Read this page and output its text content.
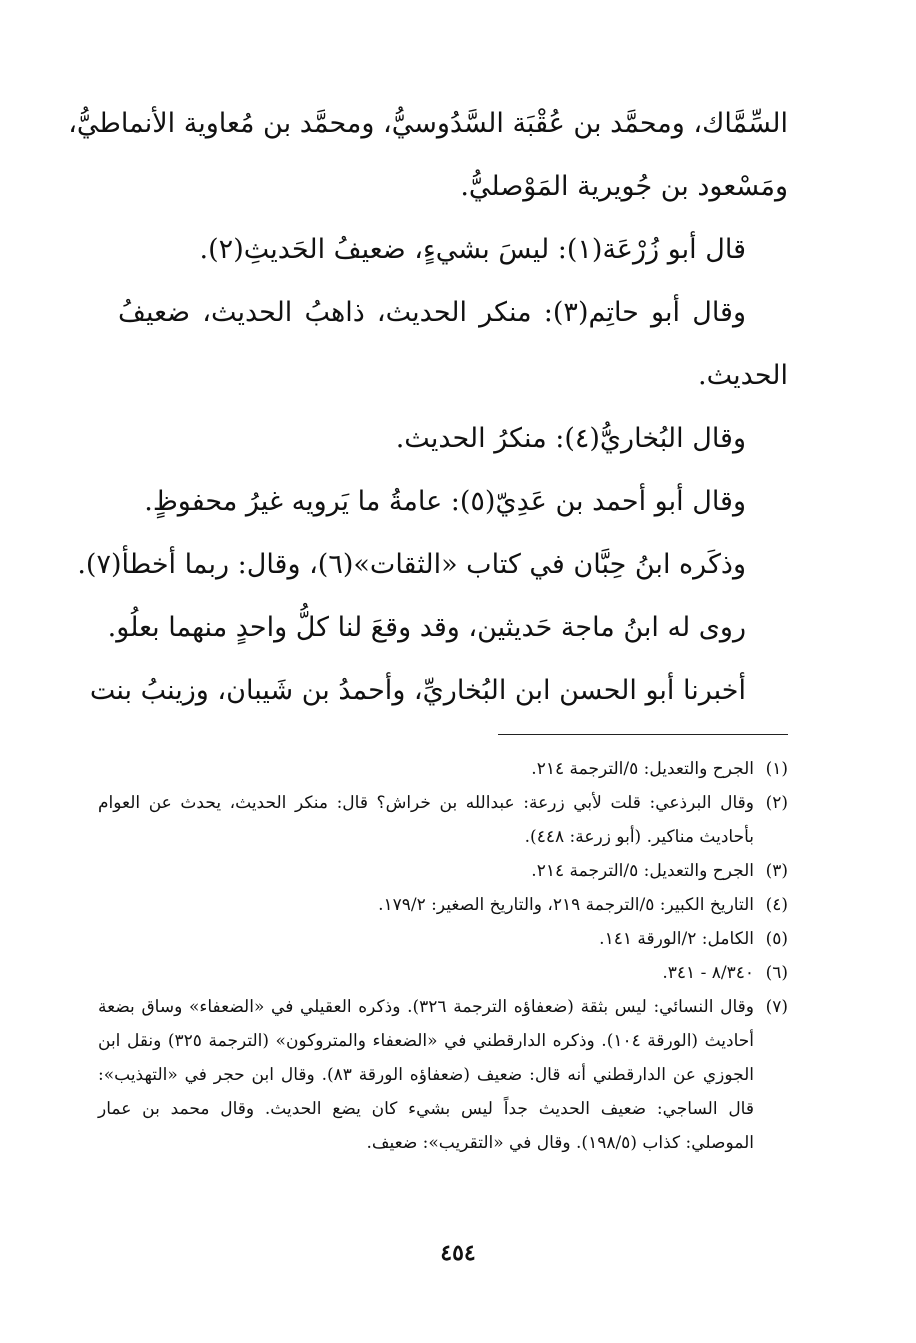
السِّمَّاك، ومحمَّد بن عُقْبَة السَّدُوسيُّ، ومحمَّد بن مُعاوية الأنماطيُّ،
ومَسْعود بن جُويرية المَوْصليُّ.
قال أبو زُرْعَة(١): ليسَ بشيءٍ، ضعيفُ الحَديثِ(٢).
وقال أبو حاتِم(٣): منكر الحديث، ذاهبُ الحديث، ضعيفُ
الحديث.
وقال البُخاريُّ(٤): منكرُ الحديث.
وقال أبو أحمد بن عَدِيّ(٥): عامةُ ما يَرويه غيرُ محفوظٍ.
وذكَره ابنُ حِبَّان في كتاب «الثقات»(٦)، وقال: ربما أخطأ(٧).
روى له ابنُ ماجة حَديثين، وقد وقعَ لنا كلُّ واحدٍ منهما بعلُو.
أخبرنا أبو الحسن ابن البُخاريِّ، وأحمدُ بن شَيبان، وزينبُ بنت

(١)
الجرح والتعديل: ٥/الترجمة ٢١٤.

(٢)
وقال البرذعي: قلت لأبي زرعة: عبدالله بن خراش؟ قال: منكر الحديث، يحدث عن العوام بأحاديث مناكير. (أبو زرعة: ٤٤٨).

(٣)
الجرح والتعديل: ٥/الترجمة ٢١٤.

(٤)
التاريخ الكبير: ٥/الترجمة ٢١٩، والتاريخ الصغير: ١٧٩/٢.

(٥)
الكامل: ٢/الورقة ١٤١.

(٦)
٨/٣٤٠ - ٣٤١.

(٧)
وقال النسائي: ليس بثقة (ضعفاؤه الترجمة ٣٢٦). وذكره العقيلي في «الضعفاء» وساق بضعة أحاديث (الورقة ١٠٤). وذكره الدارقطني في «الضعفاء والمتروكون» (الترجمة ٣٢٥) ونقل ابن الجوزي عن الدارقطني أنه قال: ضعيف (ضعفاؤه الورقة ٨٣). وقال ابن حجر في «التهذيب»: قال الساجي: ضعيف الحديث جداً ليس بشيء كان يضع الحديث. وقال محمد بن عمار الموصلي: كذاب (١٩٨/٥). وقال في «التقريب»: ضعيف.

٤٥٤
